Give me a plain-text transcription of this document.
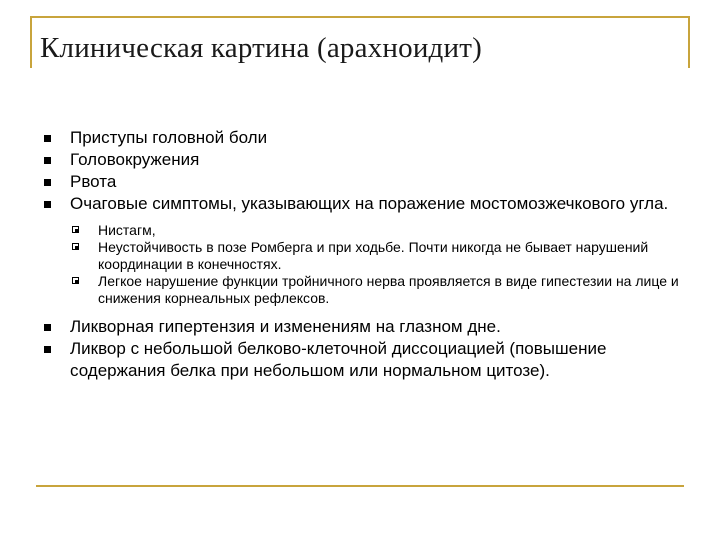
Клиническая картина (арахноидит)
Приступы головной боли
Головокружения
Рвота
Очаговые симптомы, указывающих на поражение мостомозжечкового угла.
Нистагм,
Неустойчивость в позе Ромберга и при ходьбе. Почти никогда не бывает нарушений координации в конечностях.
Легкое нарушение функции тройничного нерва проявляется в виде гипестезии на лице и снижения корнеальных рефлексов.
Ликворная гипертензия и изменениям на глазном дне.
Ликвор с небольшой белково-клеточной диссоциацией (повышение содержания белка при небольшом или нормальном цитозе).
